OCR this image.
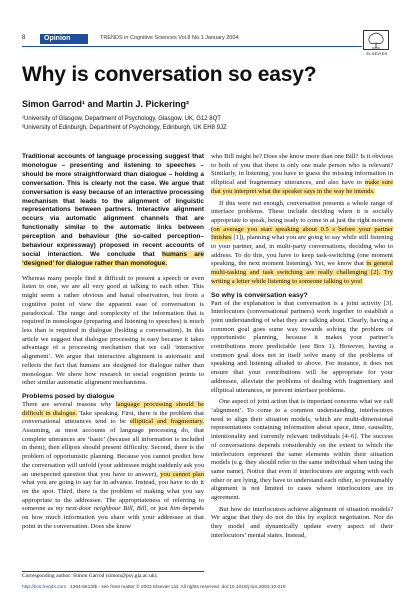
8	Opinion	TRENDS in Cognitive Sciences Vol.8 No.1 January 2004
ELSEVIER
Why is conversation so easy?
Simon Garrod¹ and Martin J. Pickering²
¹University of Glasgow, Department of Psychology, Glasgow, UK, G12 8QT
²University of Edinburgh, Department of Psychology, Edinburgh, UK EH8 9JZ

Traditional accounts of language processing suggest that monologue – presenting and listening to speeches – should be more straightforward than dialogue – holding a conversation. This is clearly not the case. We argue that conversation is easy because of an interactive processing mechanism that leads to the alignment of linguistic representations between partners. Interactive alignment occurs via automatic alignment channels that are functionally similar to the automatic links between perception and behaviour (the so-called perception–behaviour expressway) proposed in recent accounts of social interaction. We conclude that humans are ‘designed’ for dialogue rather than monologue.

Whereas many people find it difficult to present a speech or even listen to one, we are all very good at talking to each other. This might seem a rather obvious and banal observation, but from a cognitive point of view the apparent ease of conversation is paradoxical. The range and complexity of the information that is required in monologue (preparing and listening to speeches) is much less than is required in dialogue (holding a conversation). In this article we suggest that dialogue processing is easy because it takes advantage of a processing mechanism that we call ‘interactive alignment’. We argue that interactive alignment is automatic and reflects the fact that humans are designed for dialogue rather than monologue. We show how research in social cognition points to other similar automatic alignment mechanisms.

Problems posed by dialogue

There are several reasons why language processing should be difficult in dialogue. Take speaking. First, there is the problem that conversational utterances tend to be elliptical and fragmentary. Assuming, as most accounts of language processing do, that complete utterances are ‘basic’ (because all information is included in them), then ellipsis should present difficulty. Second, there is the problem of opportunistic planning. Because you cannot predict how the conversation will unfold (your addressee might suddenly ask you an unexpected question that you have to answer), you cannot plan what you are going to say far in advance. Instead, you have to do it on the spot. Third, there is the problem of making what you say appropriate to the addressee. The appropriateness of referring to someone as my next-door neighbour Bill, Bill, or just him depends on how much information you share with your addressee at that point in the conversation. Does she know

who Bill might be? Does she know more than one Bill? Is it obvious to both of you that there is only one male person who is relevant? Similarly, in listening, you have to guess the missing information in elliptical and fragmentary utterances, and also have to make sure that you interpret what the speaker says in the way he intends.

If this were not enough, conversation presents a whole range of interface problems. These include deciding when it is socially appropriate to speak, being ready to come in at just the right moment (on average you start speaking about 0.5 s before your partner finishes [1]), planning what you are going to say while still listening to your partner, and, in multi-party conversations, deciding who to address. To do this, you have to keep task-switching (one moment speaking, the next moment listening). Yet, we know that in general multi-tasking and task switching are really challenging [2]. Try writing a letter while listening to someone talking to you!

So why is conversation easy?

Part of the explanation is that conversation is a joint activity [3]. Interlocutors (conversational partners) work together to establish a joint understanding of what they are talking about. Clearly, having a common goal goes some way towards solving the problem of opportunistic planning, because it makes your partner’s contributions more predictable (see Box 1). However, having a common goal does not in itself solve many of the problems of speaking and listening alluded to above. For instance, it does not ensure that your contributions will be appropriate for your addressee, alleviate the problems of dealing with fragmentary and elliptical utterances, or prevent interface problems.

One aspect of joint action that is important concerns what we call ‘alignment’. To come to a common understanding, interlocutors need to align their situation models, which are multi-dimensional representations containing information about space, time, causality, intentionality and currently relevant individuals [4–6]. The success of conversations depends considerably on the extent to which the interlocutors represent the same elements within their situation models (e.g. they should refer to the same individual when using the same name). Notice that even if interlocutors are arguing with each other or are lying, they have to understand each other, so presumably alignment is not limited to cases where interlocutors are in agreement.

But how do interlocutors achieve alignment of situation models? We argue that they do not do this by explicit negotiation. Nor do they model and dynamically update every aspect of their interlocutors’ mental states. Instead,

Corresponding author: Simon Garrod (simon@psy.gla.ac.uk).
http://tics.trends.com 1364-6613/$ - see front matter © 2003 Elsevier Ltd. All rights reserved. doi:10.1016/j.tics.2003.10.016
